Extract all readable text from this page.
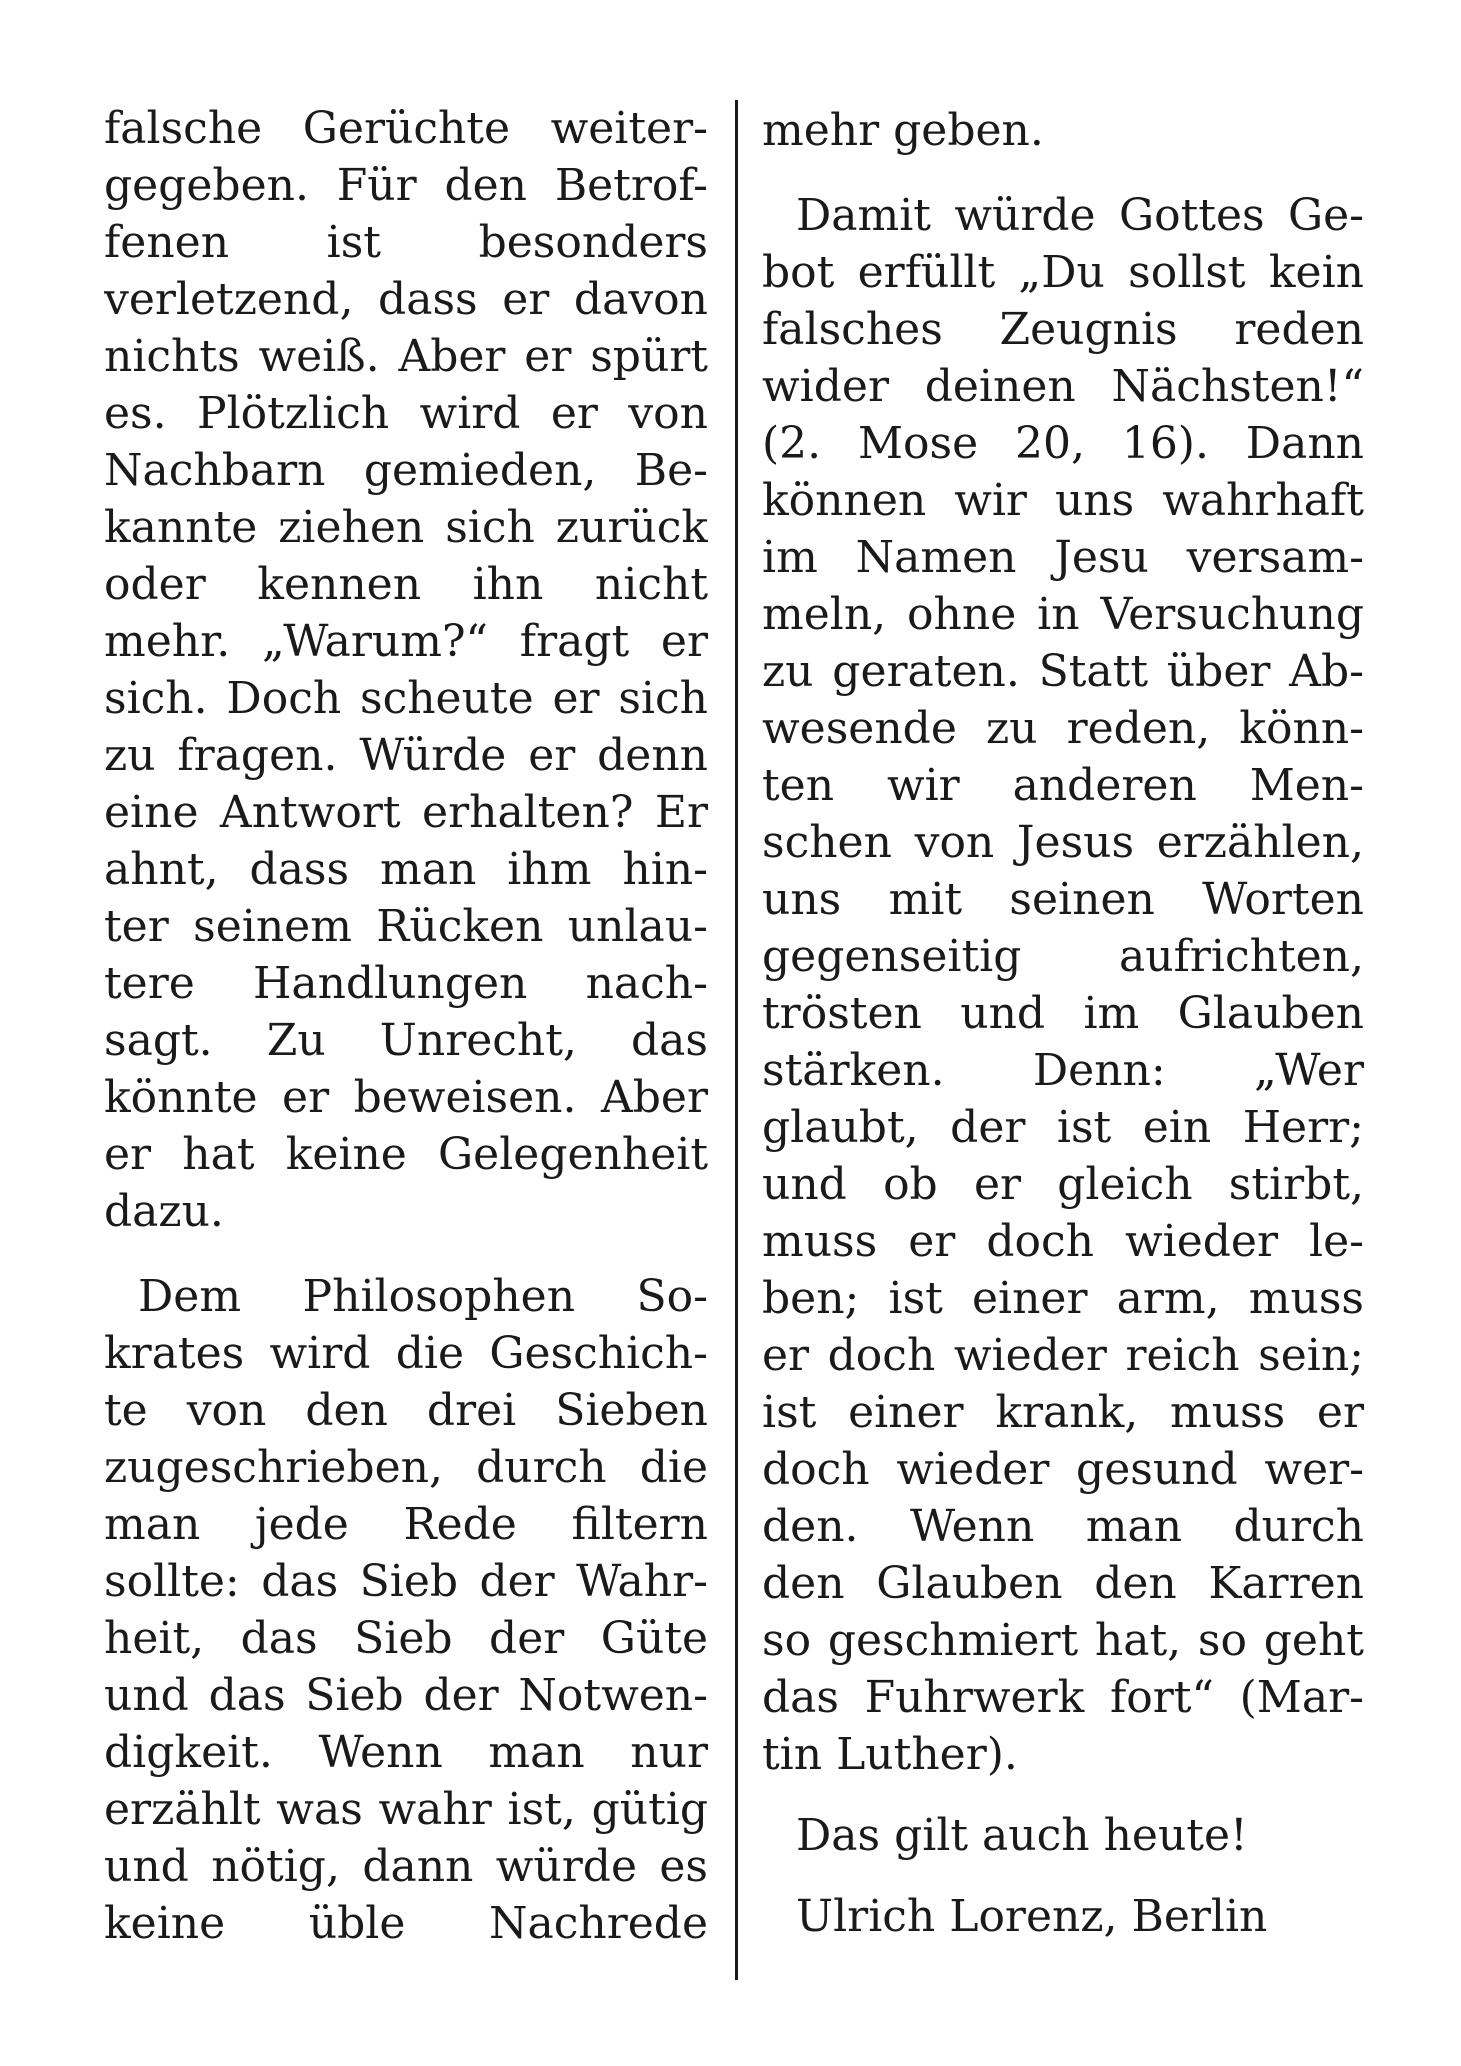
falsche Gerüchte weiter-
gegeben. Für den Betrof-
fenen ist besonders
verletzend, dass er davon
nichts weiß. Aber er spürt
es. Plötzlich wird er von
Nachbarn gemieden, Be-
kannte ziehen sich zurück
oder kennen ihn nicht
mehr. „Warum?“ fragt er
sich. Doch scheute er sich
zu fragen. Würde er denn
eine Antwort erhalten? Er
ahnt, dass man ihm hin-
ter seinem Rücken unlau-
tere Handlungen nach-
sagt. Zu Unrecht, das
könnte er beweisen. Aber
er hat keine Gelegenheit
dazu.
Dem Philosophen So-
krates wird die Geschich-
te von den drei Sieben
zugeschrieben, durch die
man jede Rede filtern
sollte: das Sieb der Wahr-
heit, das Sieb der Güte
und das Sieb der Notwen-
digkeit. Wenn man nur
erzählt was wahr ist, gütig
und nötig, dann würde es
keine üble Nachrede
mehr geben.
Damit würde Gottes Ge-
bot erfüllt „Du sollst kein
falsches Zeugnis reden
wider deinen Nächsten!“
(2. Mose 20, 16). Dann
können wir uns wahrhaft
im Namen Jesu versam-
meln, ohne in Versuchung
zu geraten. Statt über Ab-
wesende zu reden, könn-
ten wir anderen Men-
schen von Jesus erzählen,
uns mit seinen Worten
gegenseitig aufrichten,
trösten und im Glauben
stärken. Denn: „Wer
glaubt, der ist ein Herr;
und ob er gleich stirbt,
muss er doch wieder le-
ben; ist einer arm, muss
er doch wieder reich sein;
ist einer krank, muss er
doch wieder gesund wer-
den. Wenn man durch
den Glauben den Karren
so geschmiert hat, so geht
das Fuhrwerk fort“ (Mar-
tin Luther).
Das gilt auch heute!
Ulrich Lorenz, Berlin
